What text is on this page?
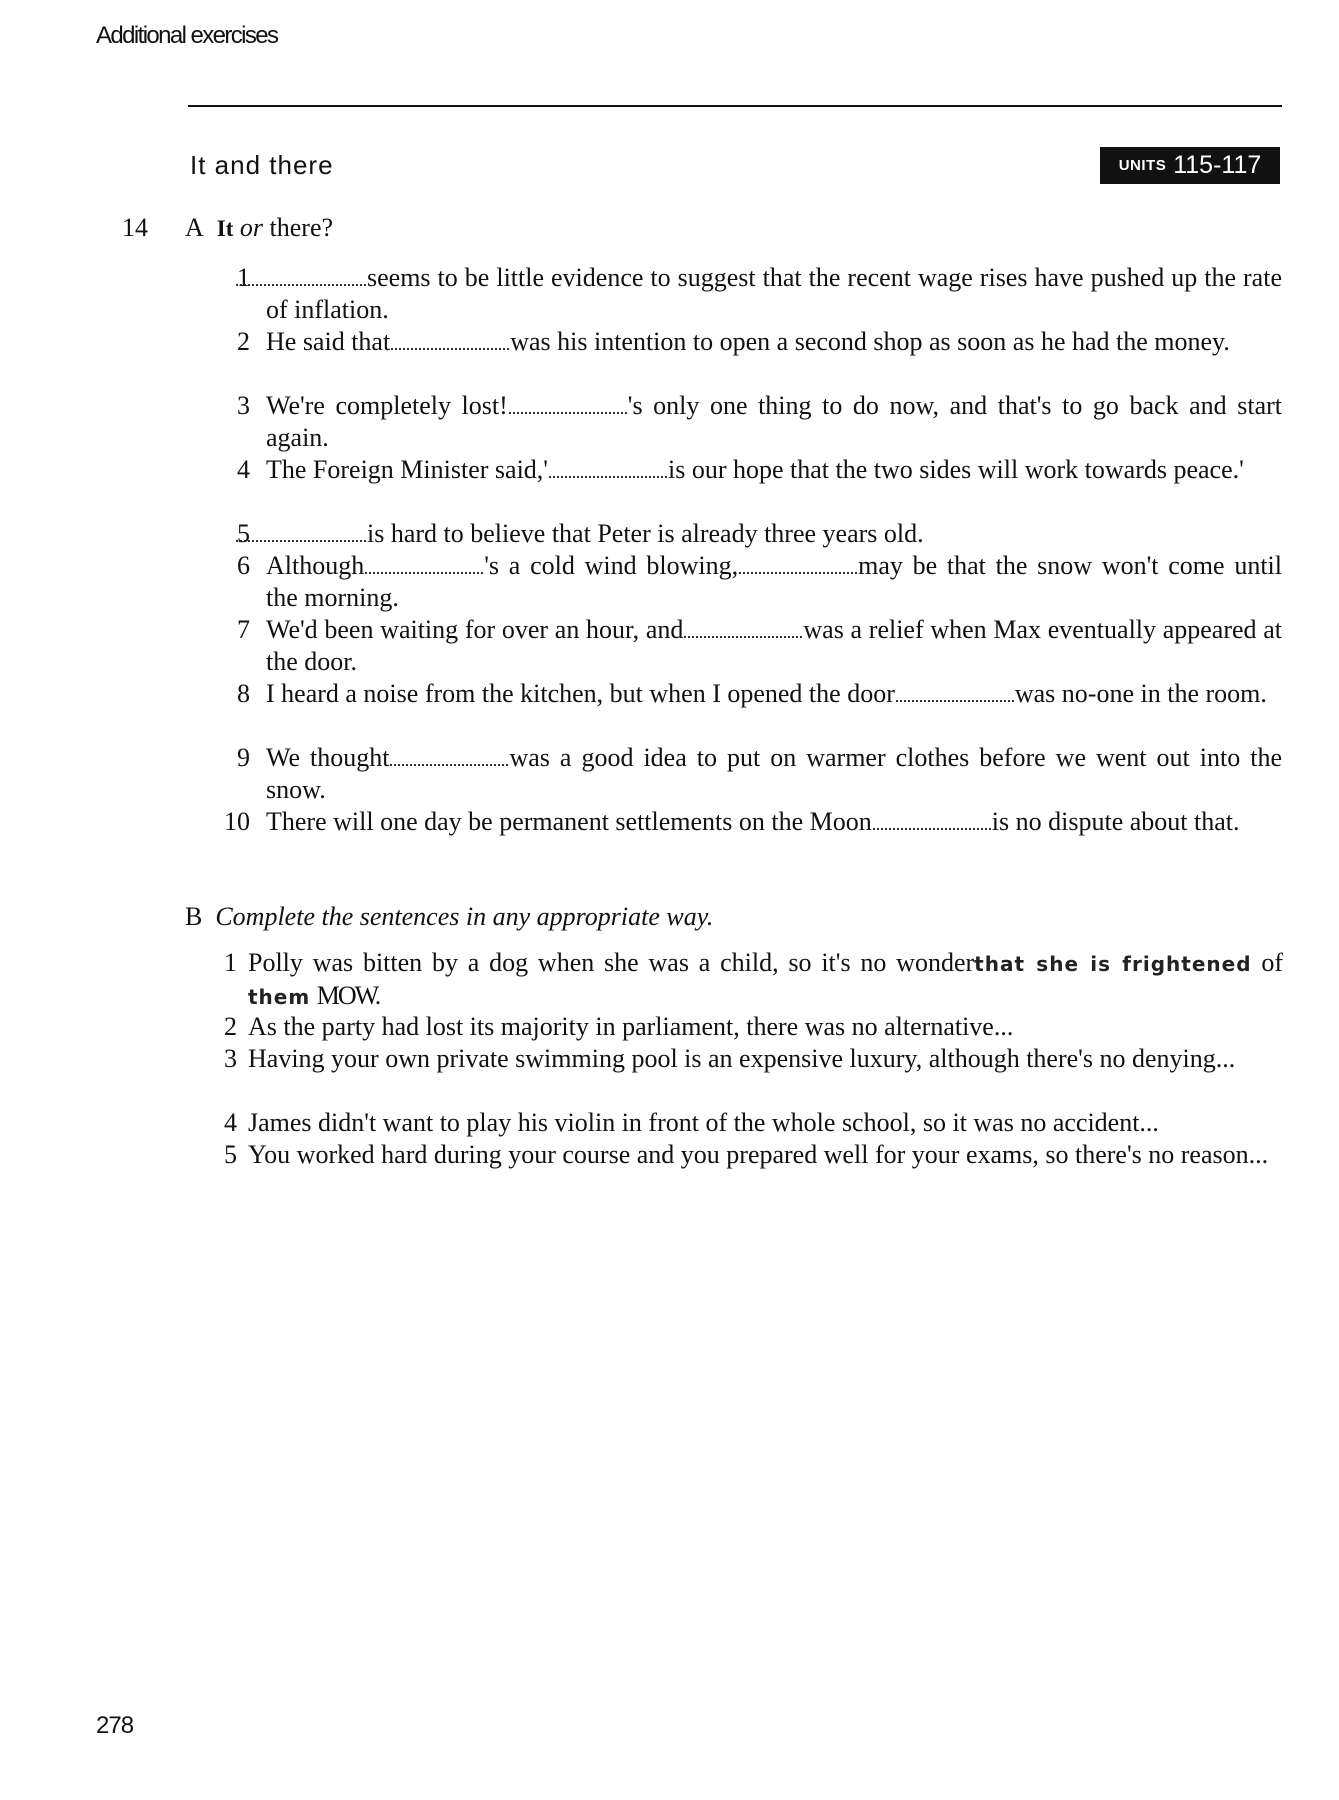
Additional exercises
It and there	UNITS 115-117
14 A It or there?
1	seems to be little evidence to suggest that the recent wage rises have pushed up the rate of inflation.
2 He said that	was his intention to open a second shop as soon as he had the money.
3 We're completely lost!	's only one thing to do now, and that's to go back and start again.
4 The Foreign Minister said,'	is our hope that the two sides will work towards peace.'
5	is hard to believe that Peter is already three years old.
6 Although	's a cold wind blowing,	may be that the snow won't come until the morning.
7 We'd been waiting for over an hour, and	was a relief when Max eventually appeared at the door.
8 I heard a noise from the kitchen, but when I opened the door	was no-one in the room.
9 We thought	was a good idea to put on warmer clothes before we went out into the snow.
10 There will one day be permanent settlements on the Moon	is no dispute about that.
B Complete the sentences in any appropriate way.
1 Polly was bitten by a dog when she was a child, so it's no wonderthat she is frightened of them MOW.
2 As the party had lost its majority in parliament, there was no alternative...
3 Having your own private swimming pool is an expensive luxury, although there's no denying...
4 James didn't want to play his violin in front of the whole school, so it was no accident...
5 You worked hard during your course and you prepared well for your exams, so there's no reason...
278
